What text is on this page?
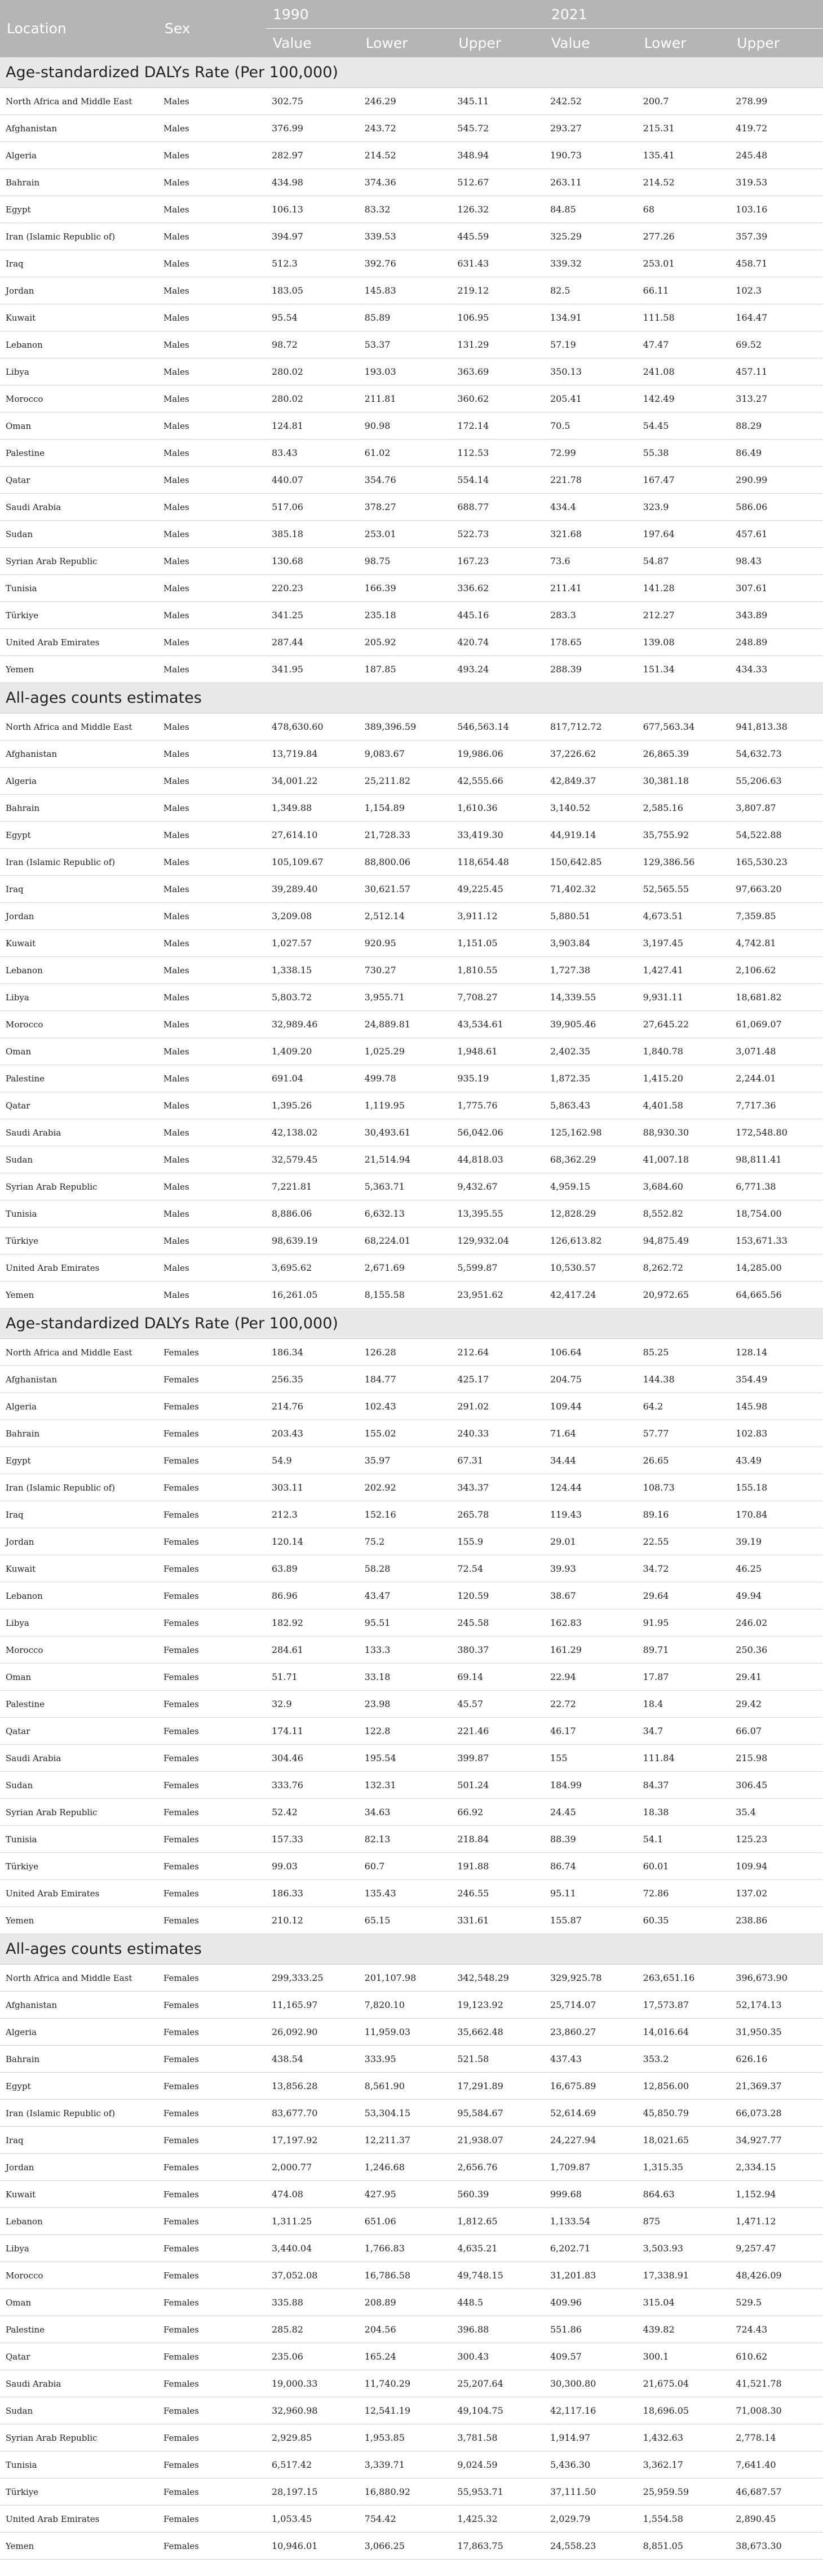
Location	Sex	1990			2021		
		Value	Lower	Upper	Value	Lower	Upper
Age-standardized DALYs Rate (Per 100,000)							
North Africa and Middle East	Males	302.75	246.29	345.11	242.52	200.7	278.99
Afghanistan	Males	376.99	243.72	545.72	293.27	215.31	419.72
Algeria	Males	282.97	214.52	348.94	190.73	135.41	245.48
Bahrain	Males	434.98	374.36	512.67	263.11	214.52	319.53
Egypt	Males	106.13	83.32	126.32	84.85	68	103.16
Iran (Islamic Republic of)	Males	394.97	339.53	445.59	325.29	277.26	357.39
Iraq	Males	512.3	392.76	631.43	339.32	253.01	458.71
Jordan	Males	183.05	145.83	219.12	82.5	66.11	102.3
Kuwait	Males	95.54	85.89	106.95	134.91	111.58	164.47
Lebanon	Males	98.72	53.37	131.29	57.19	47.47	69.52
Libya	Males	280.02	193.03	363.69	350.13	241.08	457.11
Morocco	Males	280.02	211.81	360.62	205.41	142.49	313.27
Oman	Males	124.81	90.98	172.14	70.5	54.45	88.29
Palestine	Males	83.43	61.02	112.53	72.99	55.38	86.49
Qatar	Males	440.07	354.76	554.14	221.78	167.47	290.99
Saudi Arabia	Males	517.06	378.27	688.77	434.4	323.9	586.06
Sudan	Males	385.18	253.01	522.73	321.68	197.64	457.61
Syrian Arab Republic	Males	130.68	98.75	167.23	73.6	54.87	98.43
Tunisia	Males	220.23	166.39	336.62	211.41	141.28	307.61
Türkiye	Males	341.25	235.18	445.16	283.3	212.27	343.89
United Arab Emirates	Males	287.44	205.92	420.74	178.65	139.08	248.89
Yemen	Males	341.95	187.85	493.24	288.39	151.34	434.33
All-ages counts estimates							
North Africa and Middle East	Males	478,630.60	389,396.59	546,563.14	817,712.72	677,563.34	941,813.38
Afghanistan	Males	13,719.84	9,083.67	19,986.06	37,226.62	26,865.39	54,632.73
Algeria	Males	34,001.22	25,211.82	42,555.66	42,849.37	30,381.18	55,206.63
Bahrain	Males	1,349.88	1,154.89	1,610.36	3,140.52	2,585.16	3,807.87
Egypt	Males	27,614.10	21,728.33	33,419.30	44,919.14	35,755.92	54,522.88
Iran (Islamic Republic of)	Males	105,109.67	88,800.06	118,654.48	150,642.85	129,386.56	165,530.23
Iraq	Males	39,289.40	30,621.57	49,225.45	71,402.32	52,565.55	97,663.20
Jordan	Males	3,209.08	2,512.14	3,911.12	5,880.51	4,673.51	7,359.85
Kuwait	Males	1,027.57	920.95	1,151.05	3,903.84	3,197.45	4,742.81
Lebanon	Males	1,338.15	730.27	1,810.55	1,727.38	1,427.41	2,106.62
Libya	Males	5,803.72	3,955.71	7,708.27	14,339.55	9,931.11	18,681.82
Morocco	Males	32,989.46	24,889.81	43,534.61	39,905.46	27,645.22	61,069.07
Oman	Males	1,409.20	1,025.29	1,948.61	2,402.35	1,840.78	3,071.48
Palestine	Males	691.04	499.78	935.19	1,872.35	1,415.20	2,244.01
Qatar	Males	1,395.26	1,119.95	1,775.76	5,863.43	4,401.58	7,717.36
Saudi Arabia	Males	42,138.02	30,493.61	56,042.06	125,162.98	88,930.30	172,548.80
Sudan	Males	32,579.45	21,514.94	44,818.03	68,362.29	41,007.18	98,811.41
Syrian Arab Republic	Males	7,221.81	5,363.71	9,432.67	4,959.15	3,684.60	6,771.38
Tunisia	Males	8,886.06	6,632.13	13,395.55	12,828.29	8,552.82	18,754.00
Türkiye	Males	98,639.19	68,224.01	129,932.04	126,613.82	94,875.49	153,671.33
United Arab Emirates	Males	3,695.62	2,671.69	5,599.87	10,530.57	8,262.72	14,285.00
Yemen	Males	16,261.05	8,155.58	23,951.62	42,417.24	20,972.65	64,665.56
Age-standardized DALYs Rate (Per 100,000)							
North Africa and Middle East	Females	186.34	126.28	212.64	106.64	85.25	128.14
Afghanistan	Females	256.35	184.77	425.17	204.75	144.38	354.49
Algeria	Females	214.76	102.43	291.02	109.44	64.2	145.98
Bahrain	Females	203.43	155.02	240.33	71.64	57.77	102.83
Egypt	Females	54.9	35.97	67.31	34.44	26.65	43.49
Iran (Islamic Republic of)	Females	303.11	202.92	343.37	124.44	108.73	155.18
Iraq	Females	212.3	152.16	265.78	119.43	89.16	170.84
Jordan	Females	120.14	75.2	155.9	29.01	22.55	39.19
Kuwait	Females	63.89	58.28	72.54	39.93	34.72	46.25
Lebanon	Females	86.96	43.47	120.59	38.67	29.64	49.94
Libya	Females	182.92	95.51	245.58	162.83	91.95	246.02
Morocco	Females	284.61	133.3	380.37	161.29	89.71	250.36
Oman	Females	51.71	33.18	69.14	22.94	17.87	29.41
Palestine	Females	32.9	23.98	45.57	22.72	18.4	29.42
Qatar	Females	174.11	122.8	221.46	46.17	34.7	66.07
Saudi Arabia	Females	304.46	195.54	399.87	155	111.84	215.98
Sudan	Females	333.76	132.31	501.24	184.99	84.37	306.45
Syrian Arab Republic	Females	52.42	34.63	66.92	24.45	18.38	35.4
Tunisia	Females	157.33	82.13	218.84	88.39	54.1	125.23
Türkiye	Females	99.03	60.7	191.88	86.74	60.01	109.94
United Arab Emirates	Females	186.33	135.43	246.55	95.11	72.86	137.02
Yemen	Females	210.12	65.15	331.61	155.87	60.35	238.86
All-ages counts estimates							
North Africa and Middle East	Females	299,333.25	201,107.98	342,548.29	329,925.78	263,651.16	396,673.90
Afghanistan	Females	11,165.97	7,820.10	19,123.92	25,714.07	17,573.87	52,174.13
Algeria	Females	26,092.90	11,959.03	35,662.48	23,860.27	14,016.64	31,950.35
Bahrain	Females	438.54	333.95	521.58	437.43	353.2	626.16
Egypt	Females	13,856.28	8,561.90	17,291.89	16,675.89	12,856.00	21,369.37
Iran (Islamic Republic of)	Females	83,677.70	53,304.15	95,584.67	52,614.69	45,850.79	66,073.28
Iraq	Females	17,197.92	12,211.37	21,938.07	24,227.94	18,021.65	34,927.77
Jordan	Females	2,000.77	1,246.68	2,656.76	1,709.87	1,315.35	2,334.15
Kuwait	Females	474.08	427.95	560.39	999.68	864.63	1,152.94
Lebanon	Females	1,311.25	651.06	1,812.65	1,133.54	875	1,471.12
Libya	Females	3,440.04	1,766.83	4,635.21	6,202.71	3,503.93	9,257.47
Morocco	Females	37,052.08	16,786.58	49,748.15	31,201.83	17,338.91	48,426.09
Oman	Females	335.88	208.89	448.5	409.96	315.04	529.5
Palestine	Females	285.82	204.56	396.88	551.86	439.82	724.43
Qatar	Females	235.06	165.24	300.43	409.57	300.1	610.62
Saudi Arabia	Females	19,000.33	11,740.29	25,207.64	30,300.80	21,675.04	41,521.78
Sudan	Females	32,960.98	12,541.19	49,104.75	42,117.16	18,696.05	71,008.30
Syrian Arab Republic	Females	2,929.85	1,953.85	3,781.58	1,914.97	1,432.63	2,778.14
Tunisia	Females	6,517.42	3,339.71	9,024.59	5,436.30	3,362.17	7,641.40
Türkiye	Females	28,197.15	16,880.92	55,953.71	37,111.50	25,959.59	46,687.57
United Arab Emirates	Females	1,053.45	754.42	1,425.32	2,029.79	1,554.58	2,890.45
Yemen	Females	10,946.01	3,066.25	17,863.75	24,558.23	8,851.05	38,673.30
